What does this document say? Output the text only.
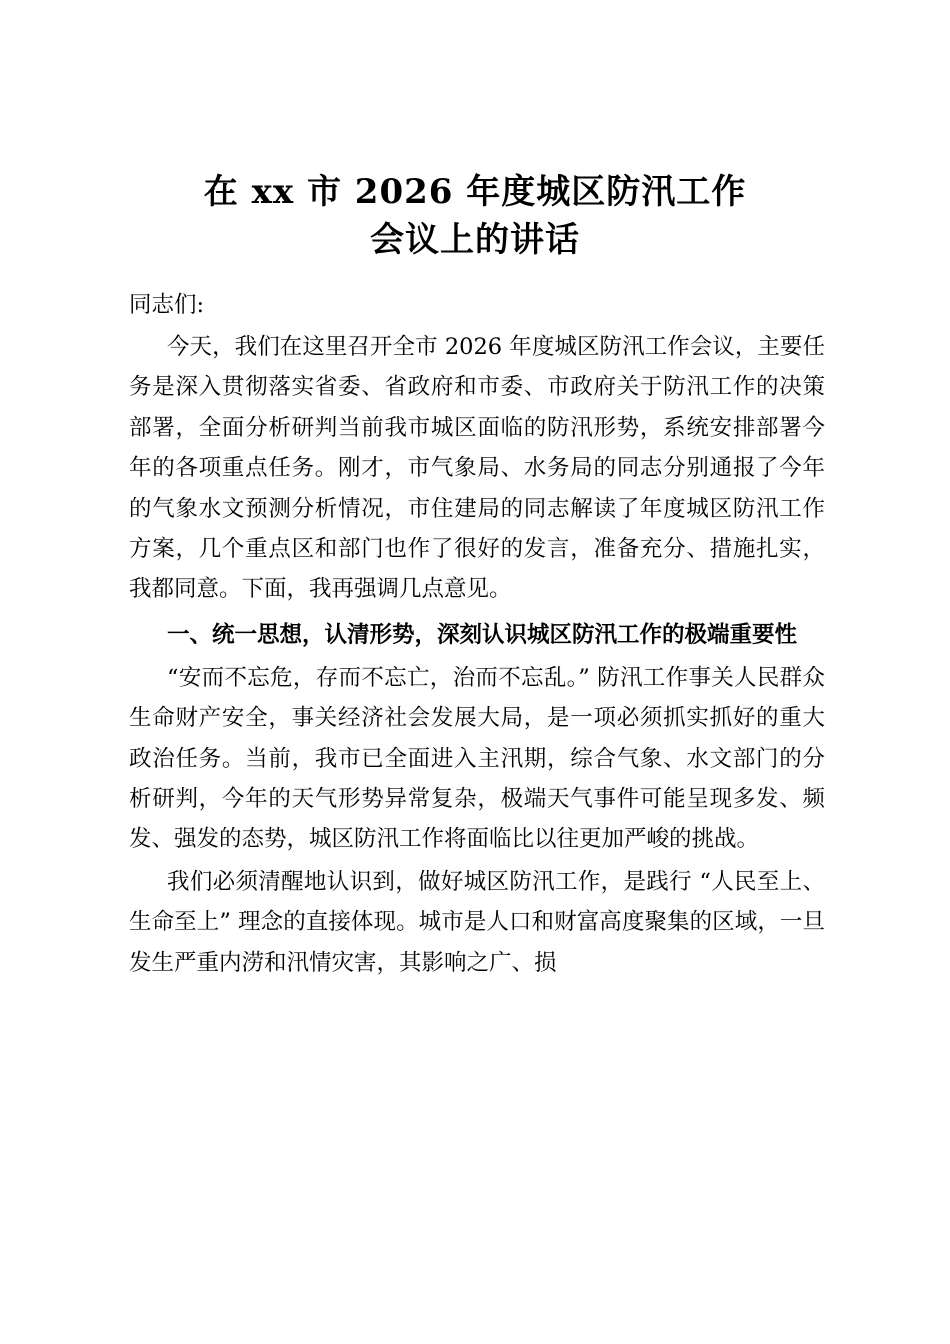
在 xx 市 2026 年度城区防汛工作
会议上的讲话
同志们:

今天，我们在这里召开全市 2026 年度城区防汛工作会议，主要任务是深入贯彻落实省委、省政府和市委、市政府关于防汛工作的决策部署，全面分析研判当前我市城区面临的防汛形势，系统安排部署今年的各项重点任务。刚才，市气象局、水务局的同志分别通报了今年的气象水文预测分析情况，市住建局的同志解读了年度城区防汛工作方案，几个重点区和部门也作了很好的发言，准备充分、措施扎实，我都同意。下面，我再强调几点意见。

一、统一思想，认清形势，深刻认识城区防汛工作的极端重要性

“安而不忘危，存而不忘亡，治而不忘乱。” 防汛工作事关人民群众生命财产安全，事关经济社会发展大局，是一项必须抓实抓好的重大政治任务。当前，我市已全面进入主汛期，综合气象、水文部门的分析研判，今年的天气形势异常复杂，极端天气事件可能呈现多发、频发、强发的态势，城区防汛工作将面临比以往更加严峻的挑战。

我们必须清醒地认识到，做好城区防汛工作，是践行 “人民至上、生命至上” 理念的直接体现。城市是人口和财富高度聚集的区域，一旦发生严重内涝和汛情灾害，其影响之广、损
